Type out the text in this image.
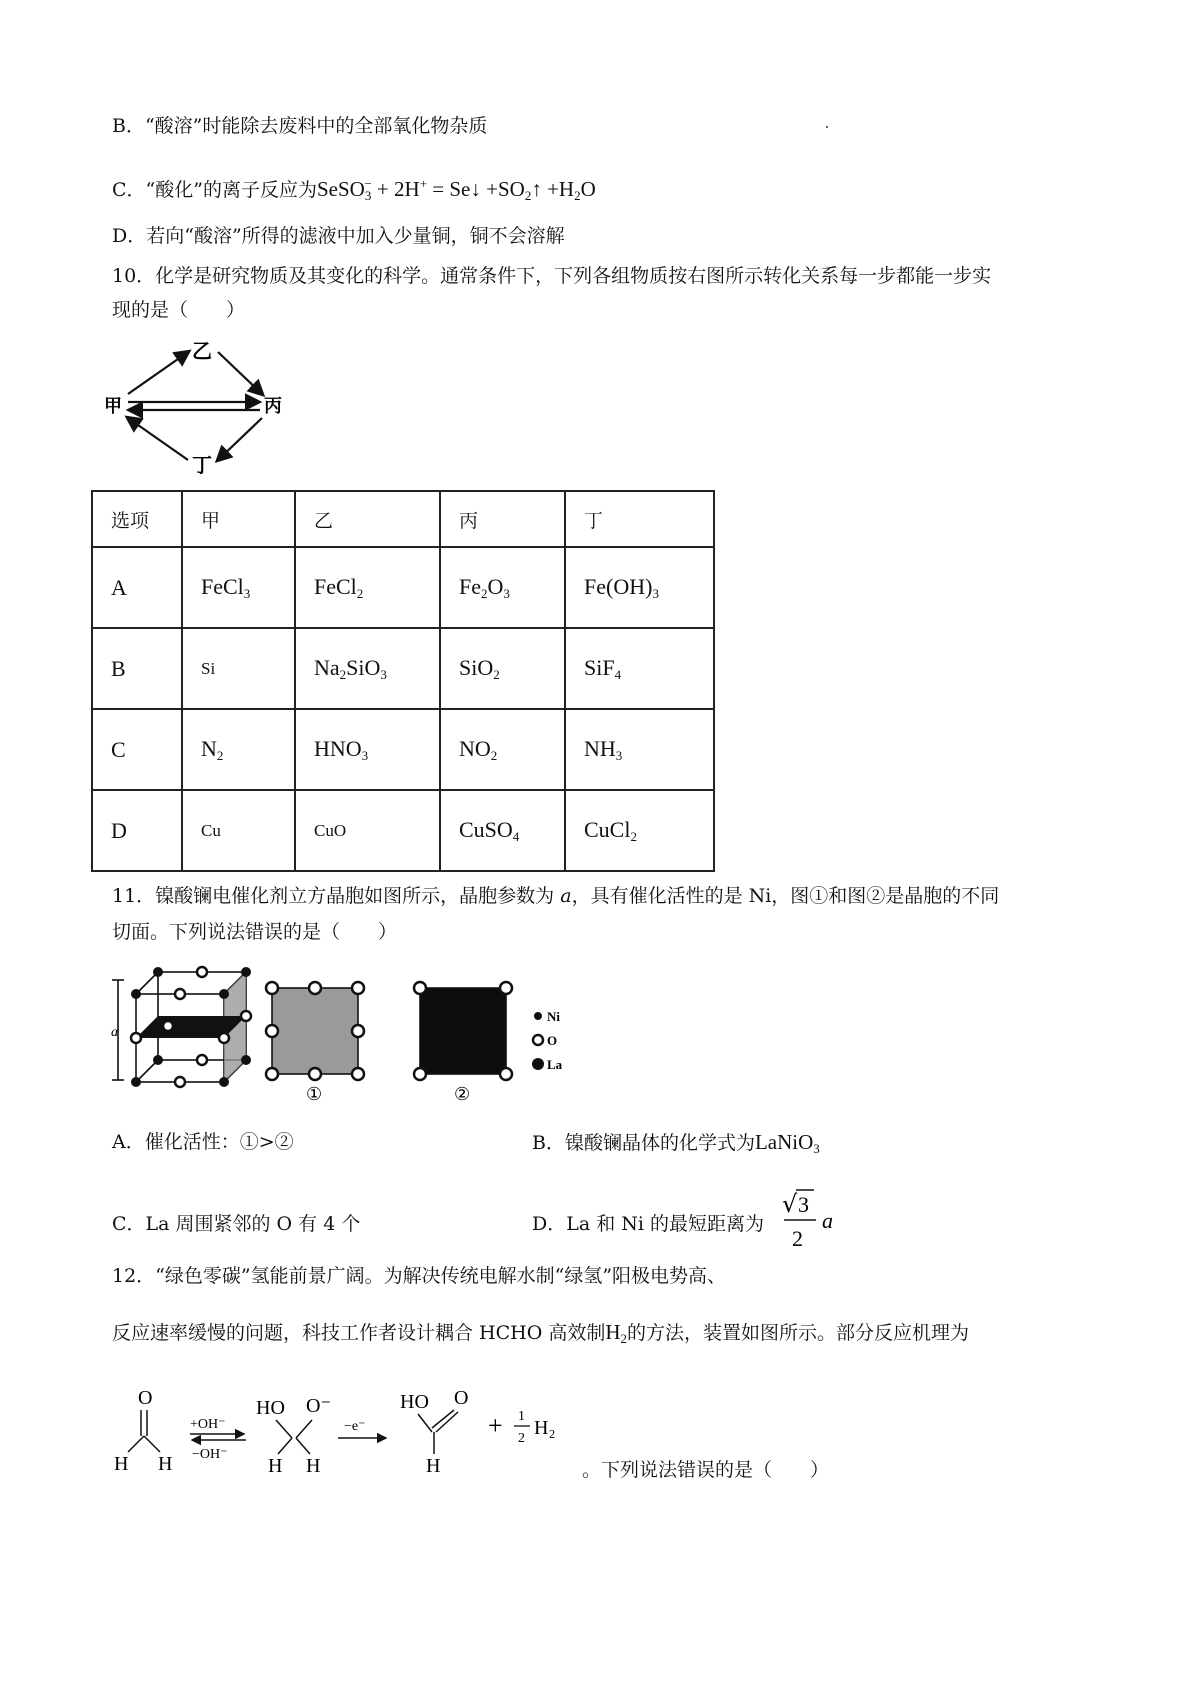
B．“酸溶”时能除去废料中的全部氧化物杂质
C．“酸化”的离子反应为SeSO$_3$− + 2H+ = Se↓ $+SO_2↑ +H_2O$
D．若向“酸溶”所得的滤液中加入少量铜，铜不会溶解
10．化学是研究物质及其变化的科学。通常条件下，下列各组物质按右图所示转化关系每一步都能一步实
现的是（　　）
乙
甲	丙
丁
选项	甲	乙	丙	丁
A	FeCl$_3$	FeCl$_2$	$Fe_2O_3$	$Fe(OH)_3$
B	Si	$Na_2SiO_3$	SiO$_2$	SiF$_4$
C	$N_2$	$HNO_3$	$NO_2$	$NH_3$
D	Cu	CuO	CuSO$_4$	CuCl$_2$
11．镍酸镧电催化剂立方晶胞如图所示，晶胞参数为 a，具有催化活性的是 Ni，图①和图②是晶胞的不同
切面。下列说法错误的是（　　）
a
①	②
Ni
O
La
A．催化活性：①>②	B．镍酸镧晶体的化学式为LaNiO$_3$
C．La 周围紧邻的 O 有 4 个	D．La 和 Ni 的最短距离为
√ 3
2
a
12．“绿色零碳”氢能前景广阔。为解决传统电解水制“绿氢”阳极电势高、
反应速率缓慢的问题，科技工作者设计耦合 HCHO 高效制$H_2$的方法，装置如图所示。部分反应机理为
O
H H
+OH⁻
−OH⁻
HO O⁻
H H
−e⁻
HO O
H
+ 1
2 H₂
。下列说法错误的是（　　）
